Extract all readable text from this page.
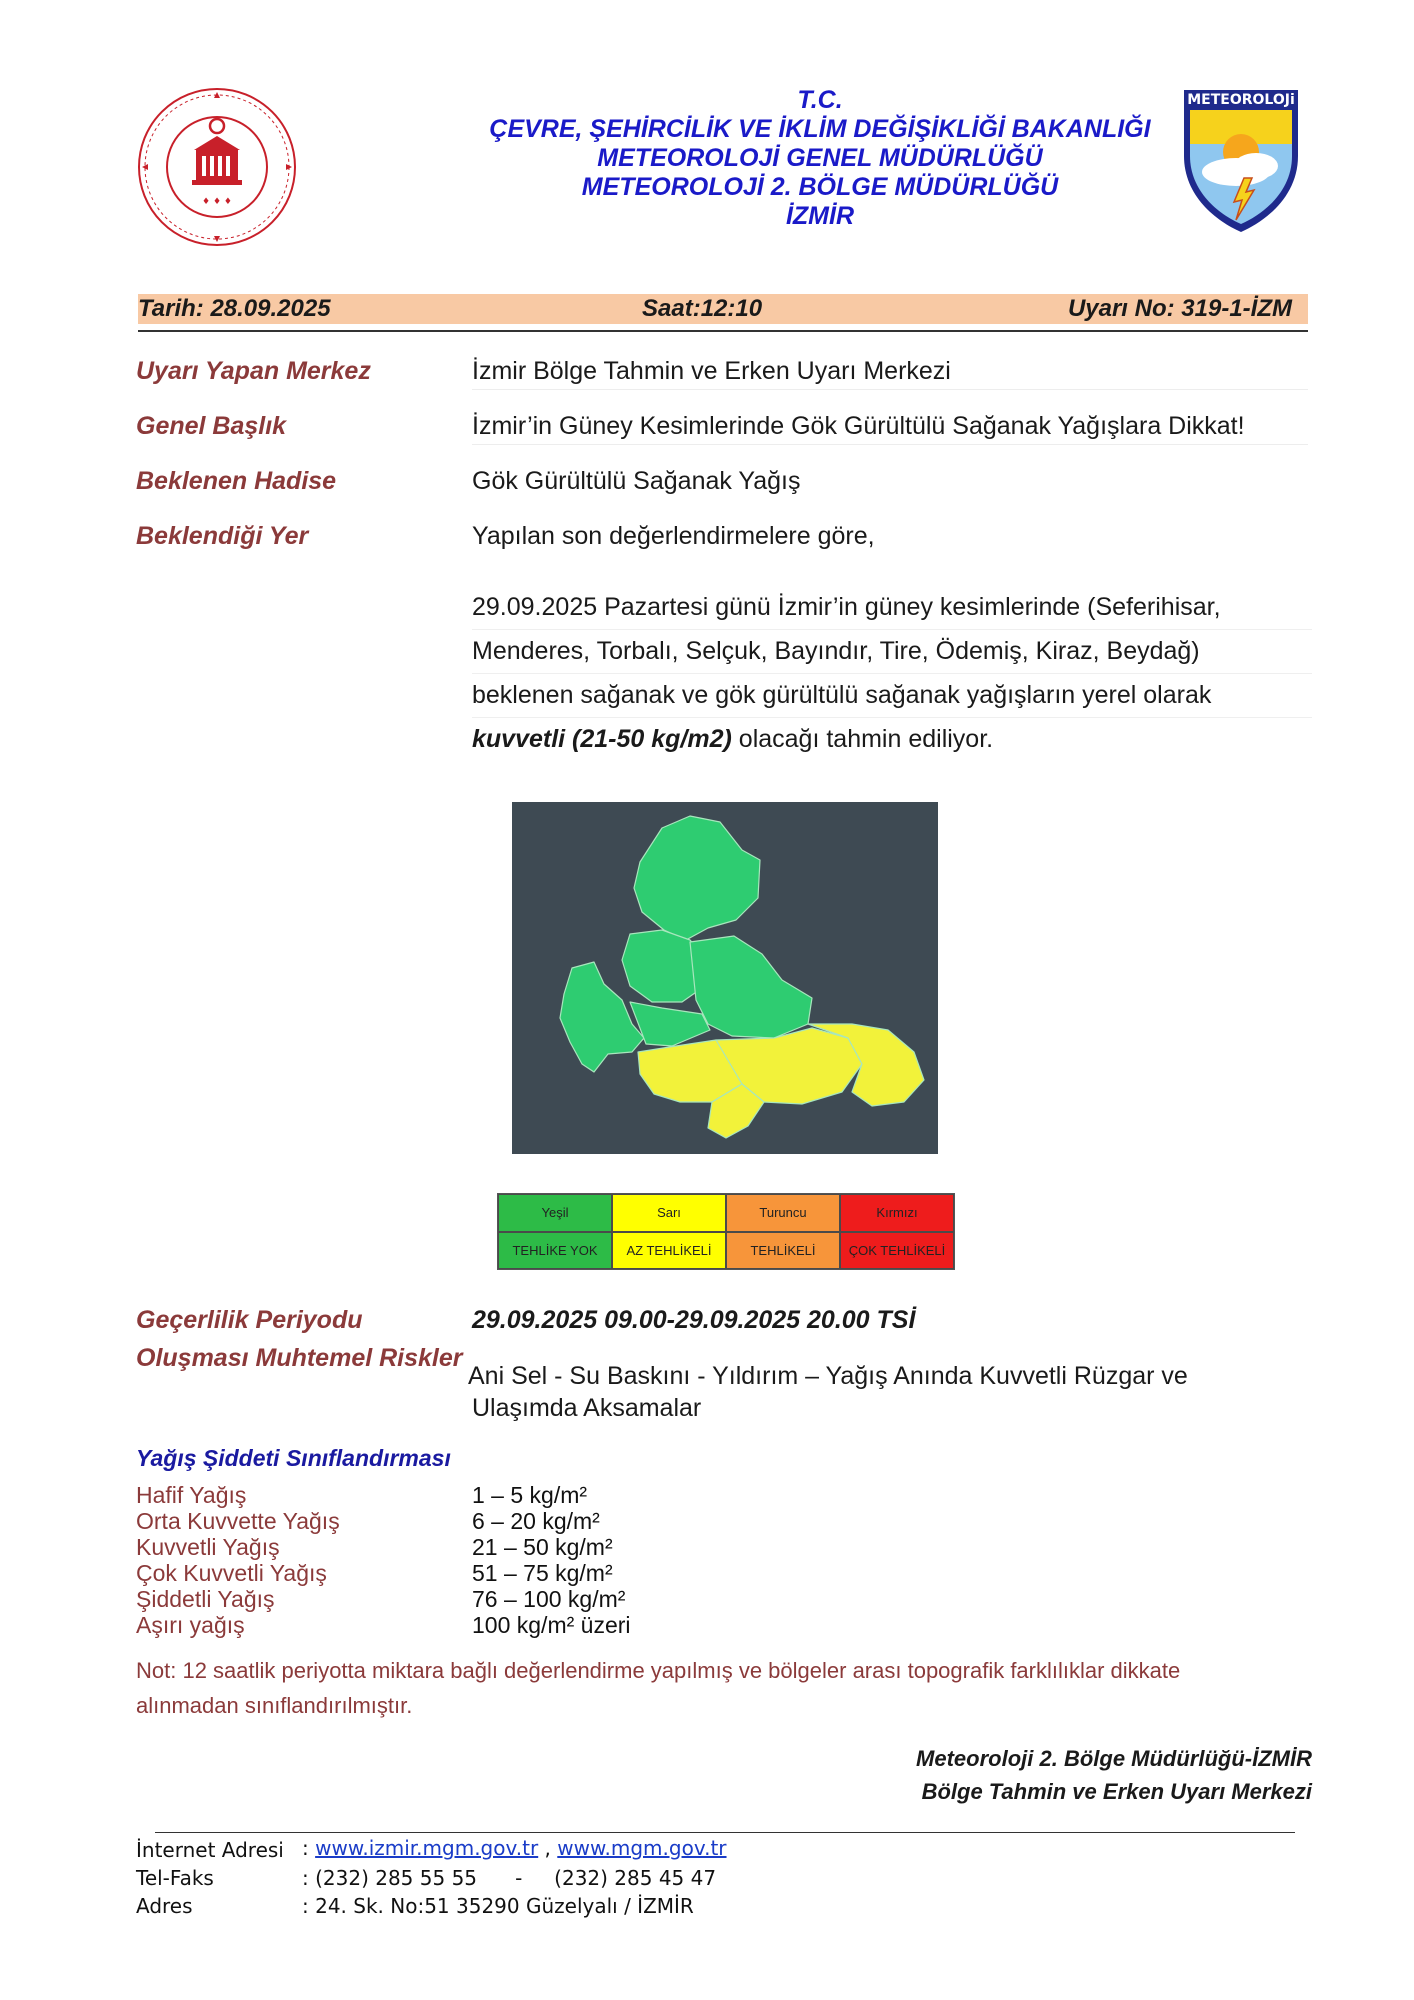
♦ ♦ ♦
T.C.
ÇEVRE, ŞEHİRCİLİK VE İKLİM DEĞİŞİKLİĞİ BAKANLIĞI
METEOROLOJİ GENEL MÜDÜRLÜĞÜ
METEOROLOJİ 2. BÖLGE MÜDÜRLÜĞÜ
İZMİR
METEOROLOJi
Tarih: 28.09.2025	Saat:12:10	Uyarı No: 319-1-İZM
Uyarı Yapan Merkez	İzmir Bölge Tahmin ve Erken Uyarı Merkezi
Genel Başlık	İzmir’in Güney Kesimlerinde Gök Gürültülü Sağanak Yağışlara Dikkat!
Beklenen Hadise	Gök Gürültülü Sağanak Yağış
Beklendiği Yer	Yapılan son değerlendirmelere göre,
29.09.2025 Pazartesi günü İzmir’in güney kesimlerinde (Seferihisar,
Menderes, Torbalı, Selçuk, Bayındır, Tire, Ödemiş, Kiraz, Beydağ)
beklenen sağanak ve gök gürültülü sağanak yağışların yerel olarak
kuvvetli (21-50 kg/m2) olacağı tahmin ediliyor.
Yeşil	Sarı	Turuncu	Kırmızı
TEHLİKE YOK	AZ TEHLİKELİ	TEHLİKELİ	ÇOK TEHLİKELİ
Geçerlilik Periyodu	29.09.2025 09.00-29.09.2025 20.00 TSİ
Oluşması Muhtemel Riskler
Ani Sel - Su Baskını - Yıldırım – Yağış Anında Kuvvetli Rüzgar ve
Ulaşımda Aksamalar
Yağış Şiddeti Sınıflandırması
Hafif Yağış	1 – 5 kg/m²
Orta Kuvvette Yağış	6 – 20 kg/m²
Kuvvetli Yağış	21 – 50 kg/m²
Çok Kuvvetli Yağış	51 – 75 kg/m²
Şiddetli Yağış	76 – 100 kg/m²
Aşırı yağış	100 kg/m² üzeri
Not: 12 saatlik periyotta miktara bağlı değerlendirme yapılmış ve bölgeler arası topografik farklılıklar dikkate
alınmadan sınıflandırılmıştır.
Meteoroloji 2. Bölge Müdürlüğü-İZMİR
Bölge Tahmin ve Erken Uyarı Merkezi
İnternet Adresi : www.izmir.mgm.gov.tr , www.mgm.gov.tr
Tel-Faks	: (232) 285 55 55      -     (232) 285 45 47
Adres	: 24. Sk. No:51 35290 Güzelyalı / İZMİR
